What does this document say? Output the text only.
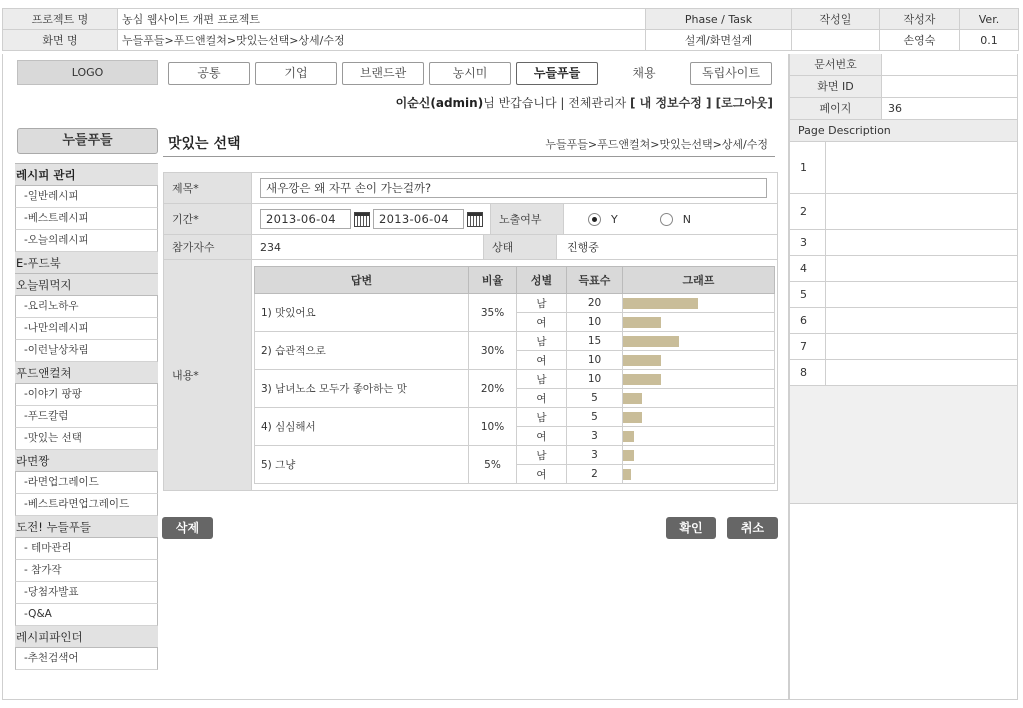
프로젝트 명	농심 웹사이트 개편 프로젝트	Phase / Task	작성일	작성자	Ver.
화면 명	누들푸들>푸드앤컬쳐>맛있는선택>상세/수정	설계/화면설계		손영숙	0.1
문서번호
화면 ID
페이지	36
Page Description
1
2
3
4
5
6
7
8
LOGO	공통	기업	브랜드관	농시미	누들푸들	채용	독립사이트
이순신(admin)님 반갑습니다 | 전체관리자 [ 내 정보수정 ] [로그아웃]
누들푸들
레시피 관리
-일반레시피
-베스트레시피
-오늘의레시피
E-푸드북
오늘뭐먹지
-요리노하우
-나만의레시피
-이런날상차림
푸드앤컬쳐
-이야기 팡팡
-푸드칼럼
-맛있는 선택
라면짱
-라면업그레이드
-베스트라면업그레이드
도전! 누들푸들
- 테마관리
- 참가작
-당첨자발표
-Q&A
레시피파인더
-추천검색어
맛있는 선택	누들푸들>푸드앤컬쳐>맛있는선택>상세/수정
제목*	새우깡은 왜 자꾸 손이 가는걸까?
기간*	2013-06-04	2013-06-04	노출여부	Y	N
참가자수	234	상태	진행중
내용*
답변	비율	성별	득표수	그래프
1) 맛있어요	35%	남	20	

		여	10	

2) 습관적으로	30%	남	15	

		여	10	

3) 남녀노소 모두가 좋아하는 맛	20%	남	10	

		여	5	

4) 심심해서	10%	남	5	

		여	3	

5) 그냥	5%	남	3	

		여	2	
삭제	확인	취소
